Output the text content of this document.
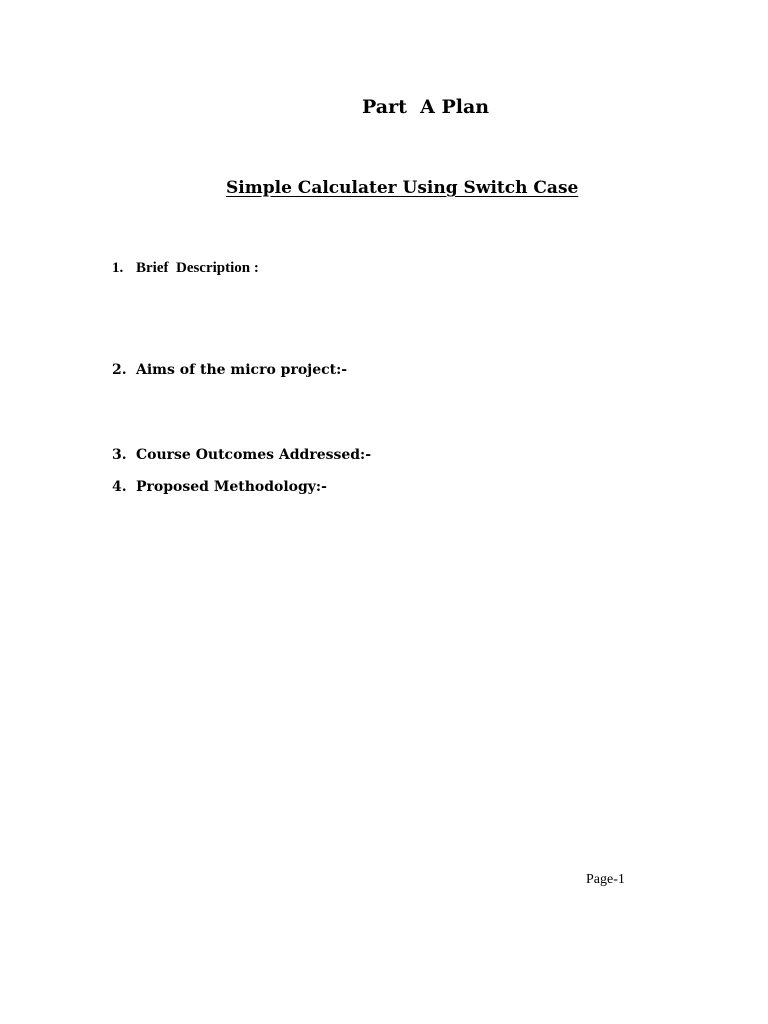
Part  A Plan
Simple Calculater Using Switch Case
1. Brief  Description :
2. Aims of the micro project:-
3. Course Outcomes Addressed:-
4. Proposed Methodology:-
Page-1
